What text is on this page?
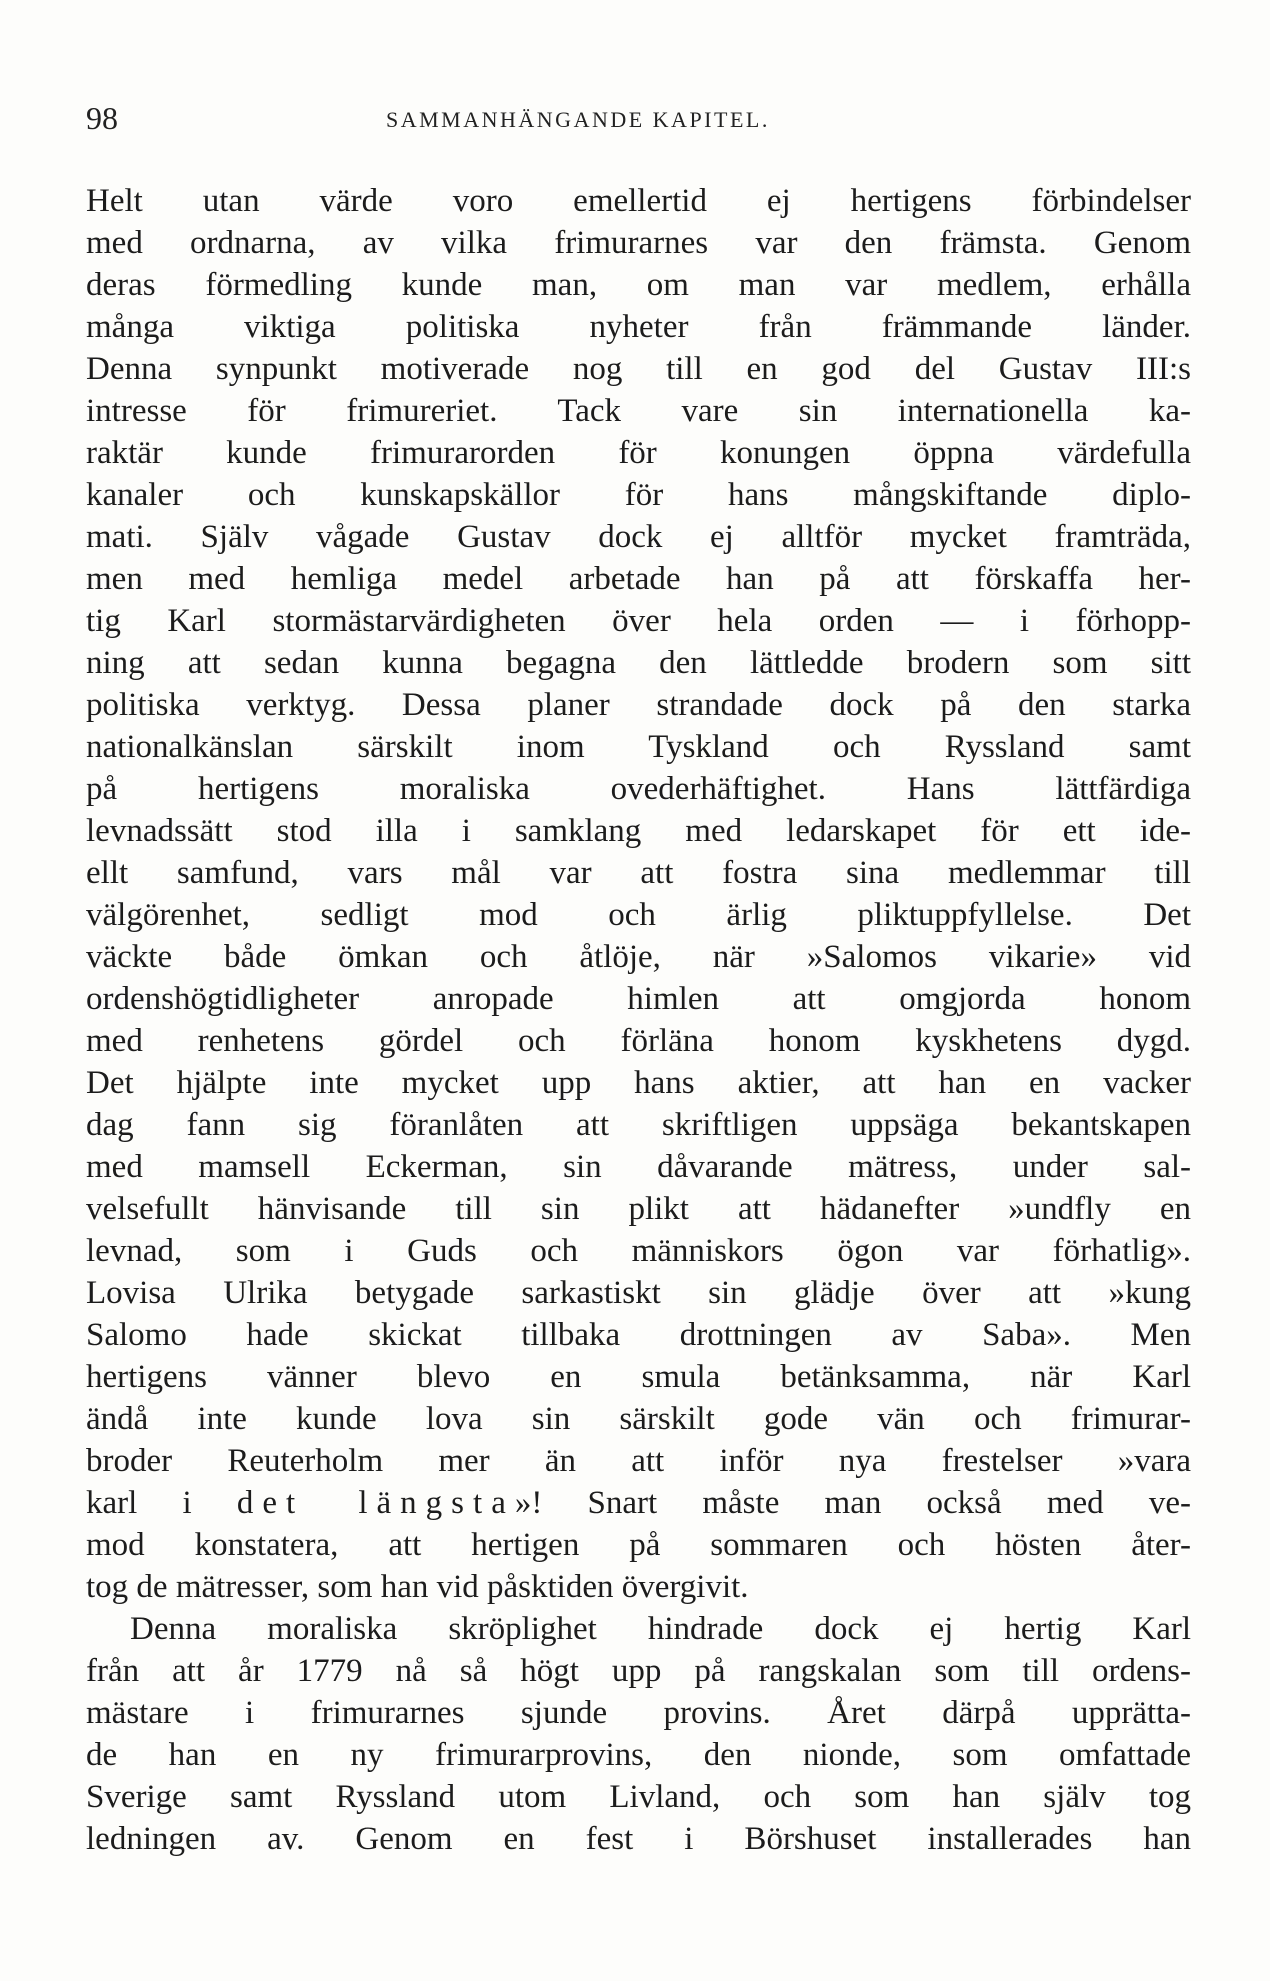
98	SAMMANHÄNGANDE KAPITEL.
Helt utan värde voro emellertid ej hertigens förbindelser
med ordnarna, av vilka frimurarnes var den främsta. Genom
deras förmedling kunde man, om man var medlem, erhålla
många viktiga politiska nyheter från främmande länder.
Denna synpunkt motiverade nog till en god del Gustav III:s
intresse för frimureriet. Tack vare sin internationella ka-
raktär kunde frimurarorden för konungen öppna värdefulla
kanaler och kunskapskällor för hans mångskiftande diplo-
mati. Själv vågade Gustav dock ej alltför mycket framträda,
men med hemliga medel arbetade han på att förskaffa her-
tig Karl stormästarvärdigheten över hela orden — i förhopp-
ning att sedan kunna begagna den lättledde brodern som sitt
politiska verktyg. Dessa planer strandade dock på den starka
nationalkänslan särskilt inom Tyskland och Ryssland samt
på hertigens moraliska ovederhäftighet. Hans lättfärdiga
levnadssätt stod illa i samklang med ledarskapet för ett ide-
ellt samfund, vars mål var att fostra sina medlemmar till
välgörenhet, sedligt mod och ärlig pliktuppfyllelse. Det
väckte både ömkan och åtlöje, när »Salomos vikarie» vid
ordenshögtidligheter anropade himlen att omgjorda honom
med renhetens gördel och förläna honom kyskhetens dygd.
Det hjälpte inte mycket upp hans aktier, att han en vacker
dag fann sig föranlåten att skriftligen uppsäga bekantskapen
med mamsell Eckerman, sin dåvarande mätress, under sal-
velsefullt hänvisande till sin plikt att hädanefter »undfly en
levnad, som i Guds och människors ögon var förhatlig».
Lovisa Ulrika betygade sarkastiskt sin glädje över att »kung
Salomo hade skickat tillbaka drottningen av Saba». Men
hertigens vänner blevo en smula betänksamma, när Karl
ändå inte kunde lova sin särskilt gode vän och frimurar-
broder Reuterholm mer än att inför nya frestelser »vara
karl i det längsta»! Snart måste man också med ve-
mod konstatera, att hertigen på sommaren och hösten åter-
tog de mätresser, som han vid påsktiden övergivit.
Denna moraliska skröplighet hindrade dock ej hertig Karl
från att år 1779 nå så högt upp på rangskalan som till ordens-
mästare i frimurarnes sjunde provins. Året därpå upprätta-
de han en ny frimurarprovins, den nionde, som omfattade
Sverige samt Ryssland utom Livland, och som han själv tog
ledningen av. Genom en fest i Börshuset installerades han
